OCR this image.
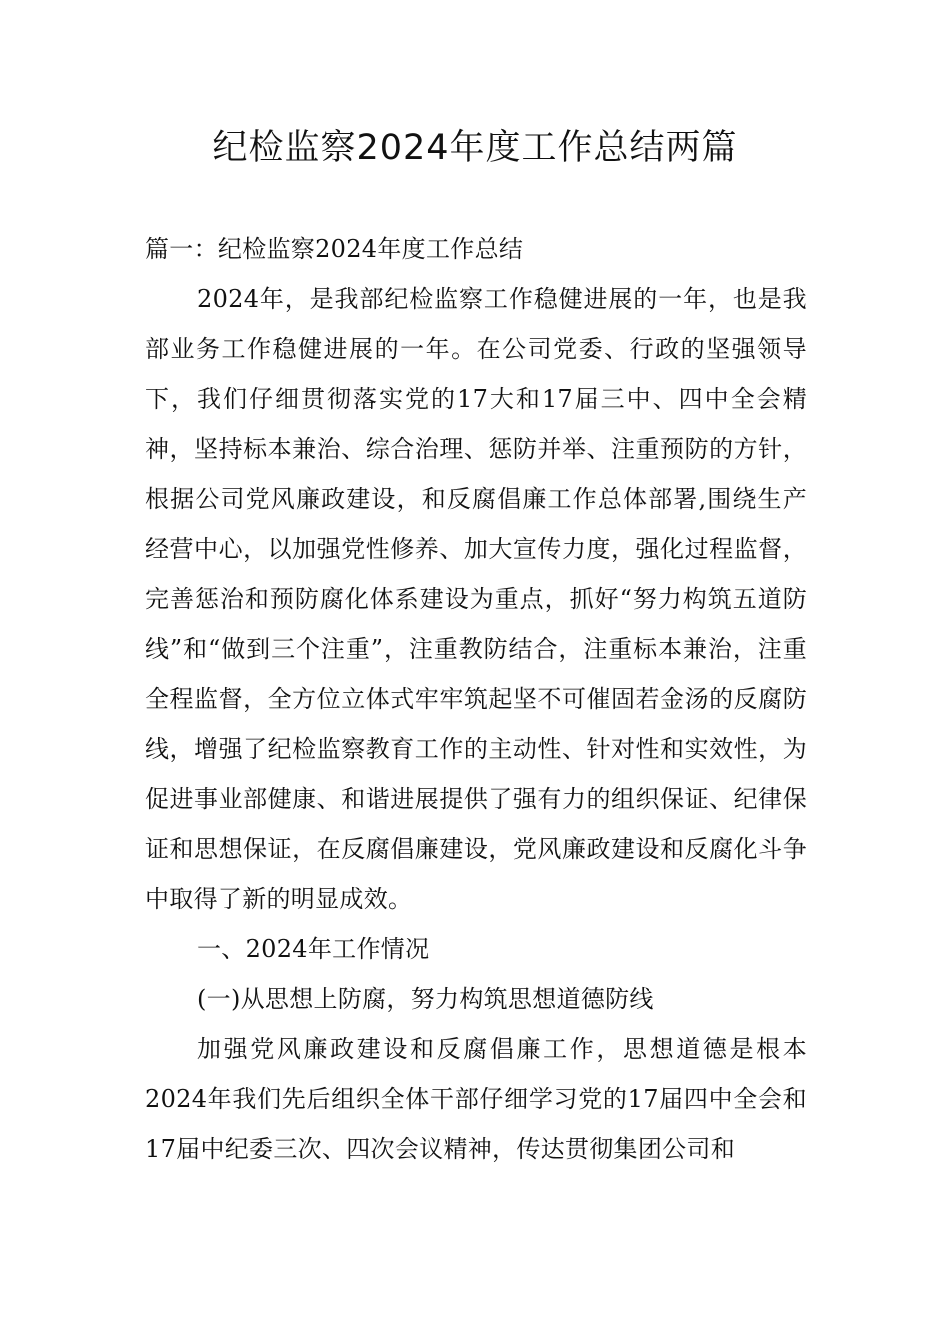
纪检监察2024年度工作总结两篇

篇一：纪检监察2024年度工作总结

2024年，是我部纪检监察工作稳健进展的一年，也是我部业务工作稳健进展的一年。在公司党委、行政的坚强领导下，我们仔细贯彻落实党的17大和17届三中、四中全会精神，坚持标本兼治、综合治理、惩防并举、注重预防的方针，根据公司党风廉政建设，和反腐倡廉工作总体部署,围绕生产经营中心，以加强党性修养、加大宣传力度，强化过程监督，完善惩治和预防腐化体系建设为重点，抓好“努力构筑五道防线”和“做到三个注重”，注重教防结合，注重标本兼治，注重全程监督，全方位立体式牢牢筑起坚不可催固若金汤的反腐防线，增强了纪检监察教育工作的主动性、针对性和实效性，为促进事业部健康、和谐进展提供了强有力的组织保证、纪律保证和思想保证，在反腐倡廉建设，党风廉政建设和反腐化斗争中取得了新的明显成效。

一、2024年工作情况

(一)从思想上防腐，努力构筑思想道德防线

加强党风廉政建设和反腐倡廉工作，思想道德是根本2024年我们先后组织全体干部仔细学习党的17届四中全会和17届中纪委三次、四次会议精神，传达贯彻集团公司和
